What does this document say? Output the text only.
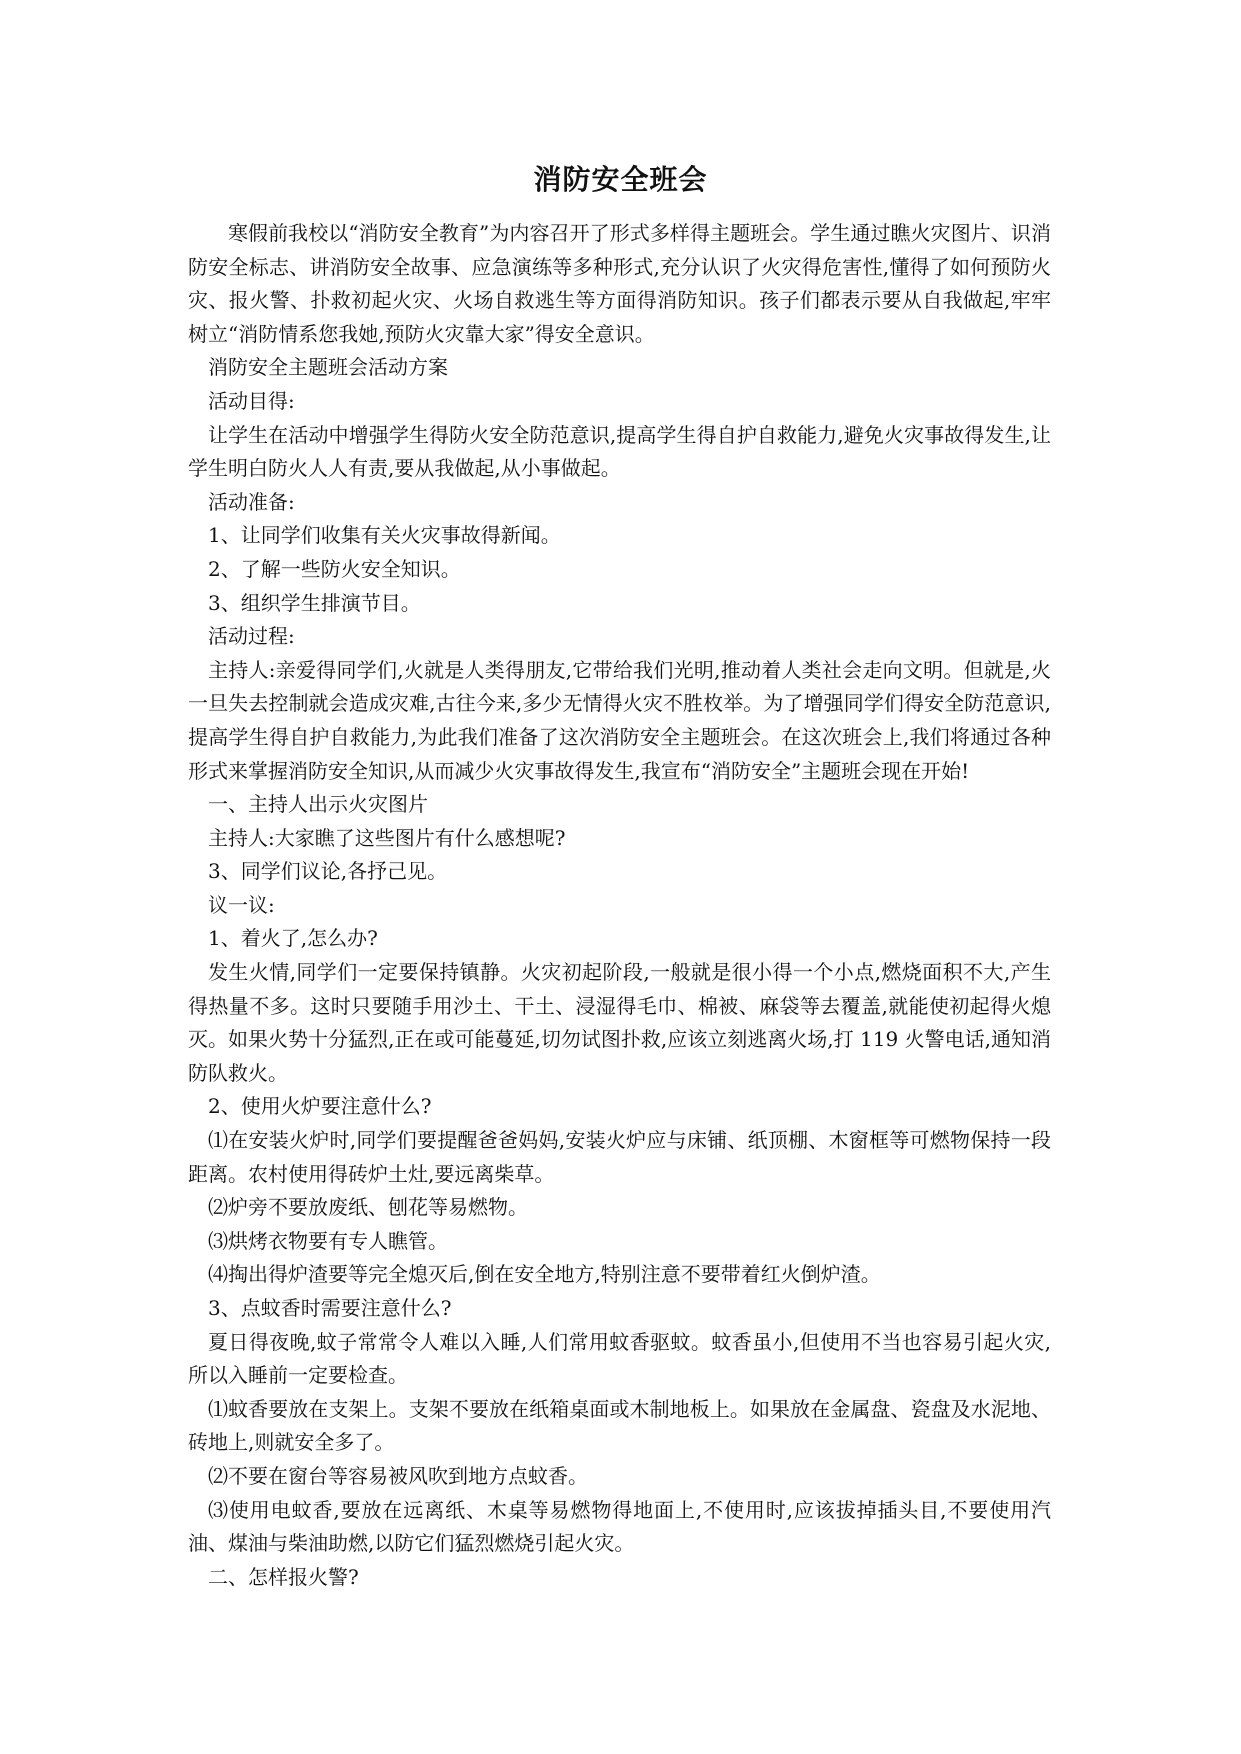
消防安全班会

寒假前我校以“消防安全教育”为内容召开了形式多样得主题班会。学生通过瞧火灾图片、识消防安全标志、讲消防安全故事、应急演练等多种形式,充分认识了火灾得危害性,懂得了如何预防火灾、报火警、扑救初起火灾、火场自救逃生等方面得消防知识。孩子们都表示要从自我做起,牢牢树立“消防情系您我她,预防火灾靠大家”得安全意识。

消防安全主题班会活动方案

活动目得:

让学生在活动中增强学生得防火安全防范意识,提高学生得自护自救能力,避免火灾事故得发生,让学生明白防火人人有责,要从我做起,从小事做起。

活动准备:

1、让同学们收集有关火灾事故得新闻。

2、了解一些防火安全知识。

3、组织学生排演节目。

活动过程:

主持人:亲爱得同学们,火就是人类得朋友,它带给我们光明,推动着人类社会走向文明。但就是,火一旦失去控制就会造成灾难,古往今来,多少无情得火灾不胜枚举。为了增强同学们得安全防范意识,提高学生得自护自救能力,为此我们准备了这次消防安全主题班会。在这次班会上,我们将通过各种形式来掌握消防安全知识,从而减少火灾事故得发生,我宣布“消防安全”主题班会现在开始!

一、主持人出示火灾图片

主持人:大家瞧了这些图片有什么感想呢?

3、同学们议论,各抒己见。

议一议:

1、着火了,怎么办?

发生火情,同学们一定要保持镇静。火灾初起阶段,一般就是很小得一个小点,燃烧面积不大,产生得热量不多。这时只要随手用沙土、干土、浸湿得毛巾、棉被、麻袋等去覆盖,就能使初起得火熄灭。如果火势十分猛烈,正在或可能蔓延,切勿试图扑救,应该立刻逃离火场,打 119 火警电话,通知消防队救火。

2、使用火炉要注意什么?

⑴在安装火炉时,同学们要提醒爸爸妈妈,安装火炉应与床铺、纸顶棚、木窗框等可燃物保持一段距离。农村使用得砖炉土灶,要远离柴草。

⑵炉旁不要放废纸、刨花等易燃物。

⑶烘烤衣物要有专人瞧管。

⑷掏出得炉渣要等完全熄灭后,倒在安全地方,特别注意不要带着红火倒炉渣。

3、点蚊香时需要注意什么?

夏日得夜晚,蚊子常常令人难以入睡,人们常用蚊香驱蚊。蚊香虽小,但使用不当也容易引起火灾,所以入睡前一定要检查。

⑴蚊香要放在支架上。支架不要放在纸箱桌面或木制地板上。如果放在金属盘、瓷盘及水泥地、砖地上,则就安全多了。

⑵不要在窗台等容易被风吹到地方点蚊香。

⑶使用电蚊香,要放在远离纸、木桌等易燃物得地面上,不使用时,应该拔掉插头目,不要使用汽油、煤油与柴油助燃,以防它们猛烈燃烧引起火灾。

二、怎样报火警?
